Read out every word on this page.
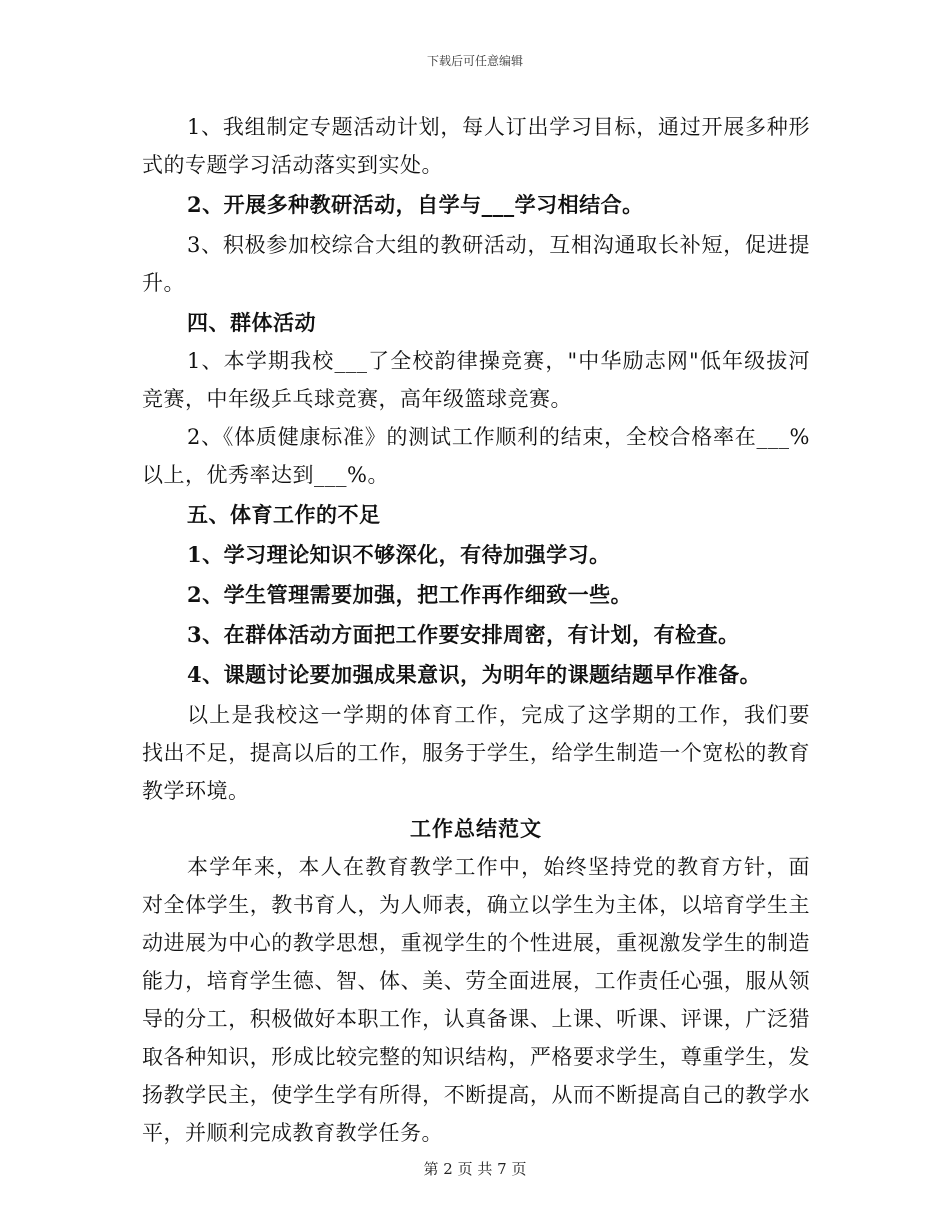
下载后可任意编辑

1、我组制定专题活动计划，每人订出学习目标，通过开展多种形式的专题学习活动落实到实处。

2、开展多种教研活动，自学与___学习相结合。

3、积极参加校综合大组的教研活动，互相沟通取长补短，促进提升。

四、群体活动

1、本学期我校___了全校韵律操竞赛，"中华励志网"低年级拔河竞赛，中年级乒乓球竞赛，高年级篮球竞赛。

2、《体质健康标准》的测试工作顺利的结束，全校合格率在___%以上，优秀率达到___%。

五、体育工作的不足

1、学习理论知识不够深化，有待加强学习。

2、学生管理需要加强，把工作再作细致一些。

3、在群体活动方面把工作要安排周密，有计划，有检查。

4、课题讨论要加强成果意识，为明年的课题结题早作准备。

以上是我校这一学期的体育工作，完成了这学期的工作，我们要找出不足，提高以后的工作，服务于学生，给学生制造一个宽松的教育教学环境。

工作总结范文

本学年来，本人在教育教学工作中，始终坚持党的教育方针，面对全体学生，教书育人，为人师表，确立以学生为主体，以培育学生主动进展为中心的教学思想，重视学生的个性进展，重视激发学生的制造能力，培育学生德、智、体、美、劳全面进展，工作责任心强，服从领导的分工，积极做好本职工作，认真备课、上课、听课、评课，广泛猎取各种知识，形成比较完整的知识结构，严格要求学生，尊重学生，发扬教学民主，使学生学有所得，不断提高，从而不断提高自己的教学水平，并顺利完成教育教学任务。

第 2 页 共 7 页
